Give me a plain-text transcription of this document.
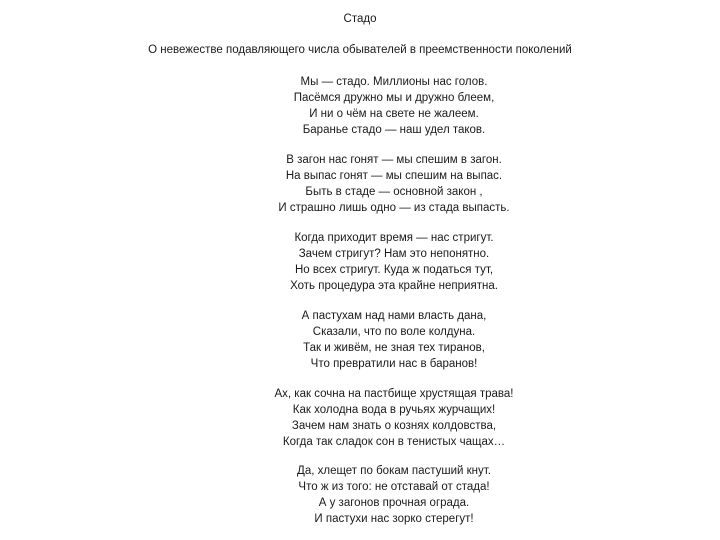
Стадо
О невежестве подавляющего числа обывателей в преемственности поколений
Мы — стадо. Миллионы нас голов.
Пасёмся дружно мы и дружно блеем,
И ни о чём на свете не жалеем.
Баранье стадо — наш удел таков.
В загон нас гонят — мы спешим в загон.
На выпас гонят — мы спешим на выпас.
Быть в стаде — основной закон ,
И страшно лишь одно — из стада выпасть.
Когда приходит время — нас стригут.
Зачем стригут? Нам это непонятно.
Но всех стригут. Куда ж податься тут,
Хоть процедура эта крайне неприятна.
А пастухам над нами власть дана,
Сказали, что по воле колдуна.
Так и живём, не зная тех тиранов,
Что превратили нас в баранов!
Ах, как сочна на пастбище хрустящая трава!
Как холодна вода в ручьях журчащих!
Зачем нам знать о кознях колдовства,
Когда так сладок сон в тенистых чащах…
Да, хлещет по бокам пастуший кнут.
Что ж из того: не отставай от стада!
А у загонов прочная ограда.
И пастухи нас зорко стерегут!
